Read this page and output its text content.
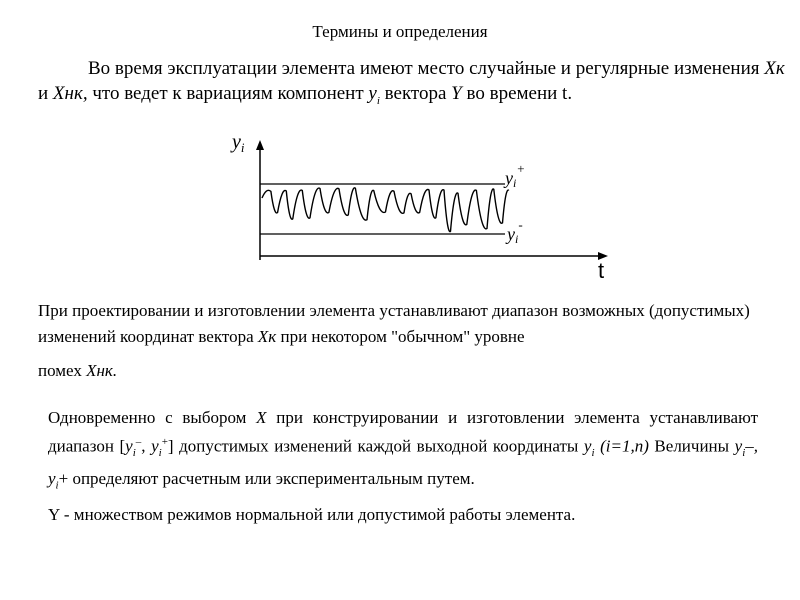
Термины и определения
Во время эксплуатации элемента имеют место случайные и регулярные изменения Хк и Хнк, что ведет к вариациям компонент $y_i$ вектора Y во времени t.
$y_i$
t
yi+
yi-
При проектировании и изготовлении элемента устанавливают диапазон возможных (допустимых) изменений координат вектора Хк при некотором "обычном" уровне
помех Хнк.
Одновременно с выбором Х при конструировании и изготовлении элемента устанавливают диапазон [$y_i^-$, $y_i^+$] допустимых изменений каждой выходной координаты $y_i$ (i=1,n) Величины $y_i-$, $y_i+$ определяют расчетным или экспериментальным путем.
Y - множеством режимов нормальной или допустимой работы элемента.
